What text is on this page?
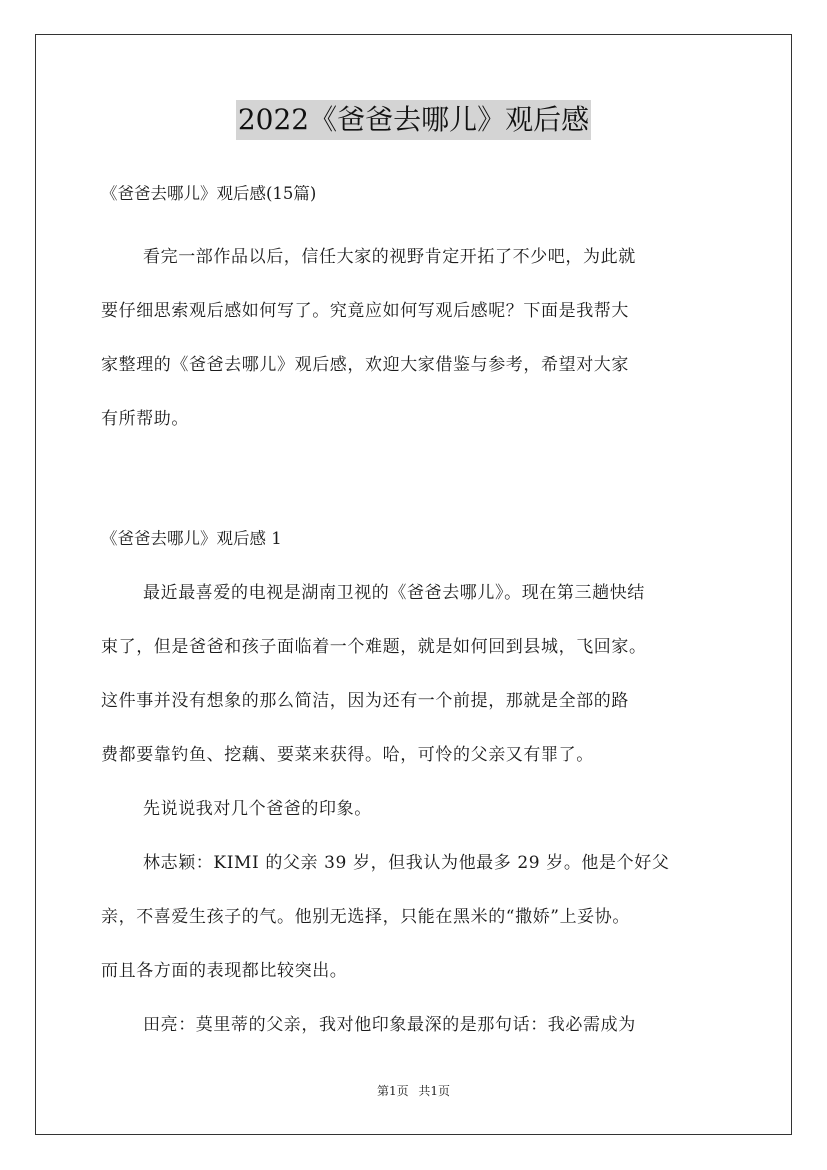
2022《爸爸去哪儿》观后感

《爸爸去哪儿》观后感(15篇)

看完一部作品以后，信任大家的视野肯定开拓了不少吧，为此就

要仔细思索观后感如何写了。究竟应如何写观后感呢？下面是我帮大

家整理的《爸爸去哪儿》观后感，欢迎大家借鉴与参考，希望对大家

有所帮助。

《爸爸去哪儿》观后感 1

最近最喜爱的电视是湖南卫视的《爸爸去哪儿》。现在第三趟快结

束了，但是爸爸和孩子面临着一个难题，就是如何回到县城，飞回家。

这件事并没有想象的那么简洁，因为还有一个前提，那就是全部的路

费都要靠钓鱼、挖藕、要菜来获得。哈，可怜的父亲又有罪了。

先说说我对几个爸爸的印象。

林志颖：KIMI 的父亲 39 岁，但我认为他最多 29 岁。他是个好父

亲，不喜爱生孩子的气。他别无选择，只能在黑米的“撒娇”上妥协。

而且各方面的表现都比较突出。

田亮：莫里蒂的父亲，我对他印象最深的是那句话：我必需成为

第1页 共1页
